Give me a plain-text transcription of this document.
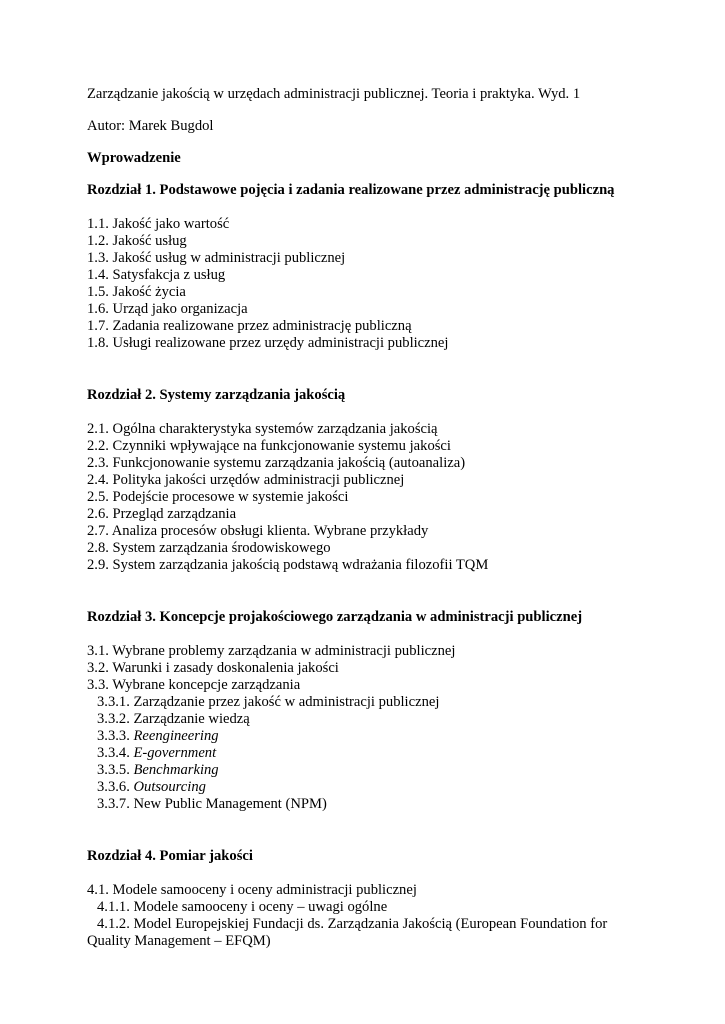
Zarządzanie jakością w urzędach administracji publicznej. Teoria i praktyka. Wyd. 1
Autor: Marek Bugdol
Wprowadzenie
Rozdział 1. Podstawowe pojęcia i zadania realizowane przez administrację publiczną
1.1. Jakość jako wartość
1.2. Jakość usług
1.3. Jakość usług w administracji publicznej
1.4. Satysfakcja z usług
1.5. Jakość życia
1.6. Urząd jako organizacja
1.7. Zadania realizowane przez administrację publiczną
1.8. Usługi realizowane przez urzędy administracji publicznej
Rozdział 2. Systemy zarządzania jakością
2.1. Ogólna charakterystyka systemów zarządzania jakością
2.2. Czynniki wpływające na funkcjonowanie systemu jakości
2.3. Funkcjonowanie systemu zarządzania jakością (autoanaliza)
2.4. Polityka jakości urzędów administracji publicznej
2.5. Podejście procesowe w systemie jakości
2.6. Przegląd zarządzania
2.7. Analiza procesów obsługi klienta. Wybrane przykłady
2.8. System zarządzania środowiskowego
2.9. System zarządzania jakością podstawą wdrażania filozofii TQM
Rozdział 3. Koncepcje projakościowego zarządzania w administracji publicznej
3.1. Wybrane problemy zarządzania w administracji publicznej
3.2. Warunki i zasady doskonalenia jakości
3.3. Wybrane koncepcje zarządzania
3.3.1. Zarządzanie przez jakość w administracji publicznej
3.3.2. Zarządzanie wiedzą
3.3.3. Reengineering
3.3.4. E-government
3.3.5. Benchmarking
3.3.6. Outsourcing
3.3.7. New Public Management (NPM)
Rozdział 4. Pomiar jakości
4.1. Modele samooceny i oceny administracji publicznej
4.1.1. Modele samooceny i oceny – uwagi ogólne
4.1.2. Model Europejskiej Fundacji ds. Zarządzania Jakością (European Foundation for Quality Management – EFQM)
